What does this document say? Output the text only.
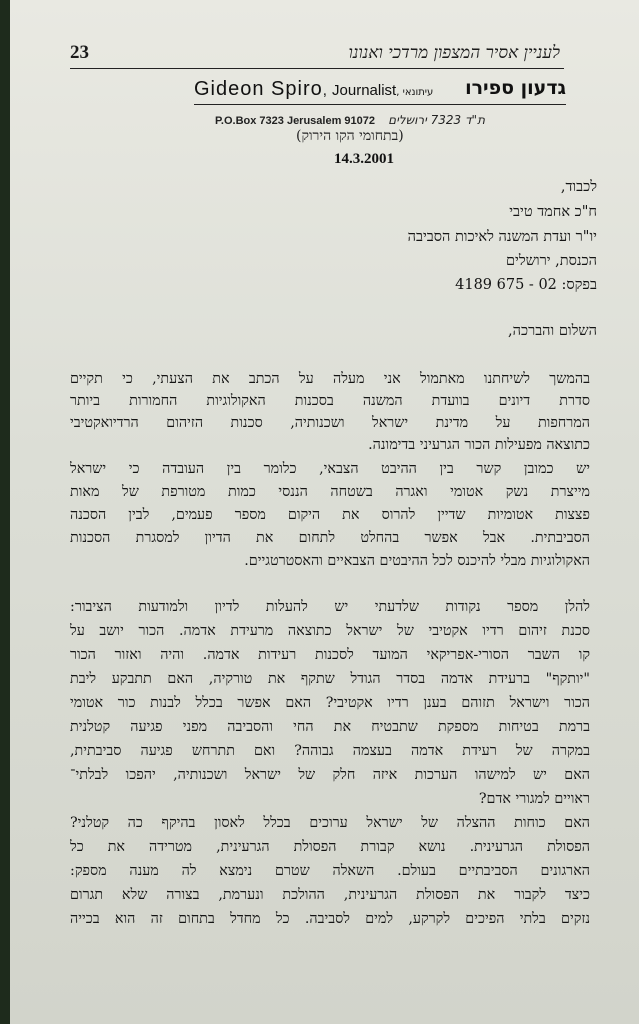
23	לעניין אסיר המצפון מרדכי ואנונו
Gideon Spiro, Journalist, עיתונאי גדעון ספירו
P.O.Box 7323 Jerusalem 91072 ת"ד 7323 ירושלים
(בתחומי הקו הירוק)
14.3.2001
לכבוד,
ח"כ אחמד טיבי
יו"ר ועדת המשנה לאיכות הסביבה
הכנסת, ירושלים
בפקס: 02 - 675 4189
השלום והברכה,
בהמשך לשיחתנו מאתמול אני מעלה על הכתב את הצעתי, כי תקיים
סדרת דיונים בוועדת המשנה בסכנות האקולוגיות החמורות ביותר
המרחפות על מדינת ישראל ושכנותיה, סכנות הזיהום הרדיואקטיבי
כתוצאה מפעילות הכור הגרעיני בדימונה.
יש כמובן קשר בין ההיבט הצבאי, כלומר בין העובדה כי ישראל
מייצרת נשק אטומי ואגרה בשטחה הננסי כמות מטורפת של מאות
פצצות אטומיות שדיין להרוס את היקום מספר פעמים, לבין הסכנה
הסביבתית. אבל אפשר בהחלט לתחום את הדיון למסגרת הסכנות
האקולוגיות מבלי להיכנס לכל ההיבטים הצבאיים והאסטרטגיים.
להלן מספר נקודות שלדעתי יש להעלות לדיון ולמודעות הציבור:
סכנת זיהום רדיו אקטיבי של ישראל כתוצאה מרעידת אדמה. הכור יושב על
קו השבר הסורי-אפריקאי המועד לסכנות רעידות אדמה. והיה ואזור הכור
"יותקף" ברעידת אדמה בסדר הגודל שתקף את טורקיה, האם תתבקע ליבת
הכור וישראל תזוהם בענן רדיו אקטיבי? האם אפשר בכלל לבנות כור אטומי
ברמת בטיחות מספקת שתבטיח את החי והסביבה מפני פגיעה קטלנית
במקרה של רעידת אדמה בעצמה גבוהה? ואם תתרחש פגיעה סביבתית,
האם יש למישהו הערכות איזה חלק של ישראל ושכנותיה, יהפכו לבלתי־
ראויים למגורי אדם?
האם כוחות ההצלה של ישראל ערוכים בכלל לאסון בהיקף כה קטלני?
הפסולת הגרעינית. נושא קבורת הפסולת הגרעינית, מטרידה את כל
הארגונים הסביבתיים בעולם. השאלה שטרם נימצא לה מענה מספק:
כיצד לקבור את הפסולת הגרעינית, ההולכת ונערמת, בצורה שלא תגרום
נזקים בלתי הפיכים לקרקע, למים לסביבה. כל מחדל בתחום זה הוא בכייה
